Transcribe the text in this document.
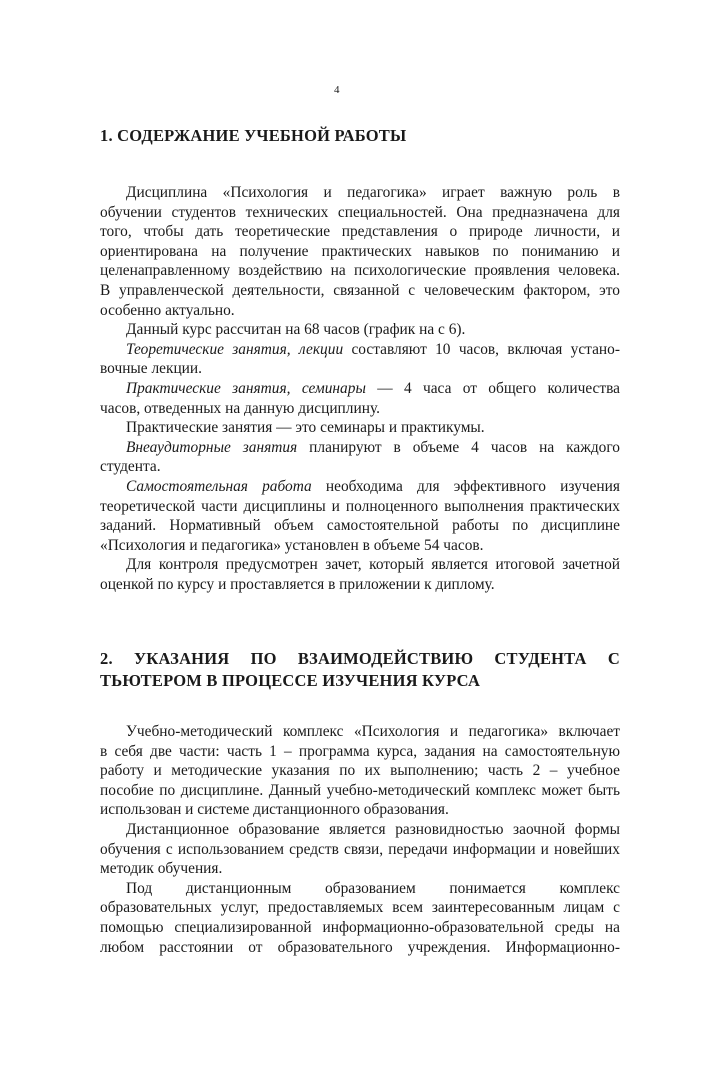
4
1. СОДЕРЖАНИЕ УЧЕБНОЙ РАБОТЫ
Дисциплина «Психология и педагогика» играет важную роль в
обучении студентов технических специальностей. Она предназначена для
того, чтобы дать теоретические представления о природе личности, и
ориентирована на получение практических навыков по пониманию и
целенаправленному воздействию на психологические проявления человека.
В управленческой деятельности, связанной с человеческим фактором, это
особенно актуально.
Данный курс рассчитан на 68 часов (график на с 6).
Теоретические занятия, лекции составляют 10 часов, включая устано-
вочные лекции.
Практические занятия, семинары — 4 часа от общего количества
часов, отведенных на данную дисциплину.
Практические занятия — это семинары и практикумы.
Внеаудиторные занятия планируют в объеме 4 часов на каждого
студента.
Самостоятельная работа необходима для эффективного изучения
теоретической части дисциплины и полноценного выполнения практических
заданий. Нормативный объем самостоятельной работы по дисциплине
«Психология и педагогика» установлен в объеме 54 часов.
Для контроля предусмотрен зачет, который является итоговой зачетной
оценкой по курсу и проставляется в приложении к диплому.
2. УКАЗАНИЯ ПО ВЗАИМОДЕЙСТВИЮ СТУДЕНТА С
ТЬЮТЕРОМ В ПРОЦЕССЕ ИЗУЧЕНИЯ КУРСА
Учебно-методический комплекс «Психология и педагогика» включает
в себя две части: часть 1 – программа курса, задания на самостоятельную
работу и методические указания по их выполнению; часть 2 – учебное
пособие по дисциплине. Данный учебно-методический комплекс может быть
использован и системе дистанционного образования.
Дистанционное образование является разновидностью заочной формы
обучения с использованием средств связи, передачи информации и новейших
методик обучения.
Под дистанционным образованием понимается комплекс
образовательных услуг, предоставляемых всем заинтересованным лицам с
помощью специализированной информационно-образовательной среды на
любом расстоянии от образовательного учреждения. Информационно-
